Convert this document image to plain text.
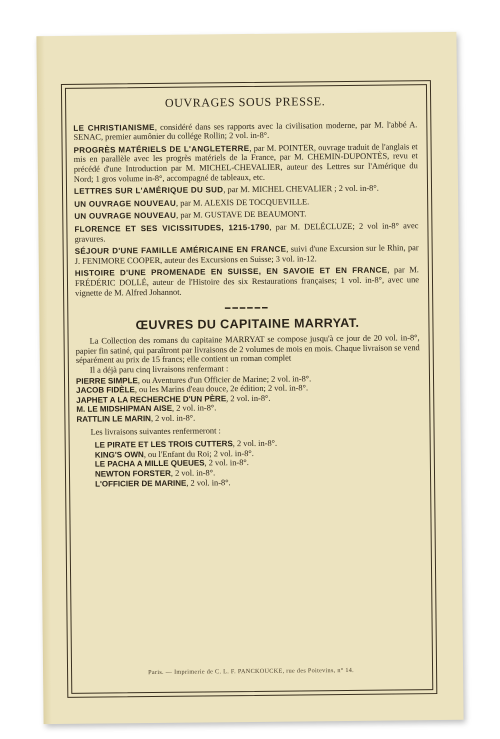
OUVRAGES SOUS PRESSE.

LE CHRISTIANISME, considéré dans ses rapports avec la civilisation moderne, par M. l'abbé A. SENAC, premier aumônier du collége Rollin; 2 vol. in-8°.

PROGRÈS MATÉRIELS DE L'ANGLETERRE, par M. POINTER, ouvrage traduit de l'anglais et mis en parallèle avec les progrès matériels de la France, par M. CHEMIN-DUPONTÈS, revu et précédé d'une Introduction par M. MICHEL-CHEVALIER, auteur des Lettres sur l'Amérique du Nord; 1 gros volume in-8°, accompagné de tableaux, etc.

LETTRES SUR L'AMÉRIQUE DU SUD, par M. MICHEL CHEVALIER ; 2 vol. in-8°.

UN OUVRAGE NOUVEAU, par M. ALEXIS DE TOCQUEVILLE.

UN OUVRAGE NOUVEAU, par M. GUSTAVE DE BEAUMONT.

FLORENCE ET SES VICISSITUDES, 1215-1790, par M. DELÉCLUZE; 2 vol in-8° avec gravures.

SÉJOUR D'UNE FAMILLE AMÉRICAINE EN FRANCE, suivi d'une Excursion sur le Rhin, par J. FENIMORE COOPER, auteur des Excursions en Suisse; 3 vol. in-12.

HISTOIRE D'UNE PROMENADE EN SUISSE, EN SAVOIE ET EN FRANCE, par M. FRÉDÉRIC DOLLÉ, auteur de l'Histoire des six Restaurations françaises; 1 vol. in-8°, avec une vignette de M. Alfred Johannot.

━━━━━━
ŒUVRES DU CAPITAINE MARRYAT.

La Collection des romans du capitaine MARRYAT se compose jusqu'à ce jour de 20 vol. in-8°, papier fin satiné, qui paraîtront par livraisons de 2 volumes de mois en mois. Chaque livraison se vend séparément au prix de 15 francs; elle contient un roman complet

Il a déjà paru cinq livraisons renfermant :

PIERRE SIMPLE, ou Aventures d'un Officier de Marine; 2 vol. in-8°.

JACOB FIDÈLE, ou les Marins d'eau douce, 2e édition; 2 vol. in-8°.

JAPHET A LA RECHERCHE D'UN PÈRE, 2 vol. in-8°.

M. LE MIDSHIPMAN AISE, 2 vol. in-8°.

RATTLIN LE MARIN, 2 vol. in-8°.

Les livraisons suivantes renfermeront :

LE PIRATE ET LES TROIS CUTTERS, 2 vol. in-8°.

KING'S OWN, ou l'Enfant du Roi; 2 vol. in-8°.

LE PACHA A MILLE QUEUES, 2 vol. in-8°.

NEWTON FORSTER, 2 vol. in-8°.

L'OFFICIER DE MARINE, 2 vol. in-8°.

Paris. — Imprimerie de C. L. F. PANCKOUCKE, rue des Poitevins, n° 14.
